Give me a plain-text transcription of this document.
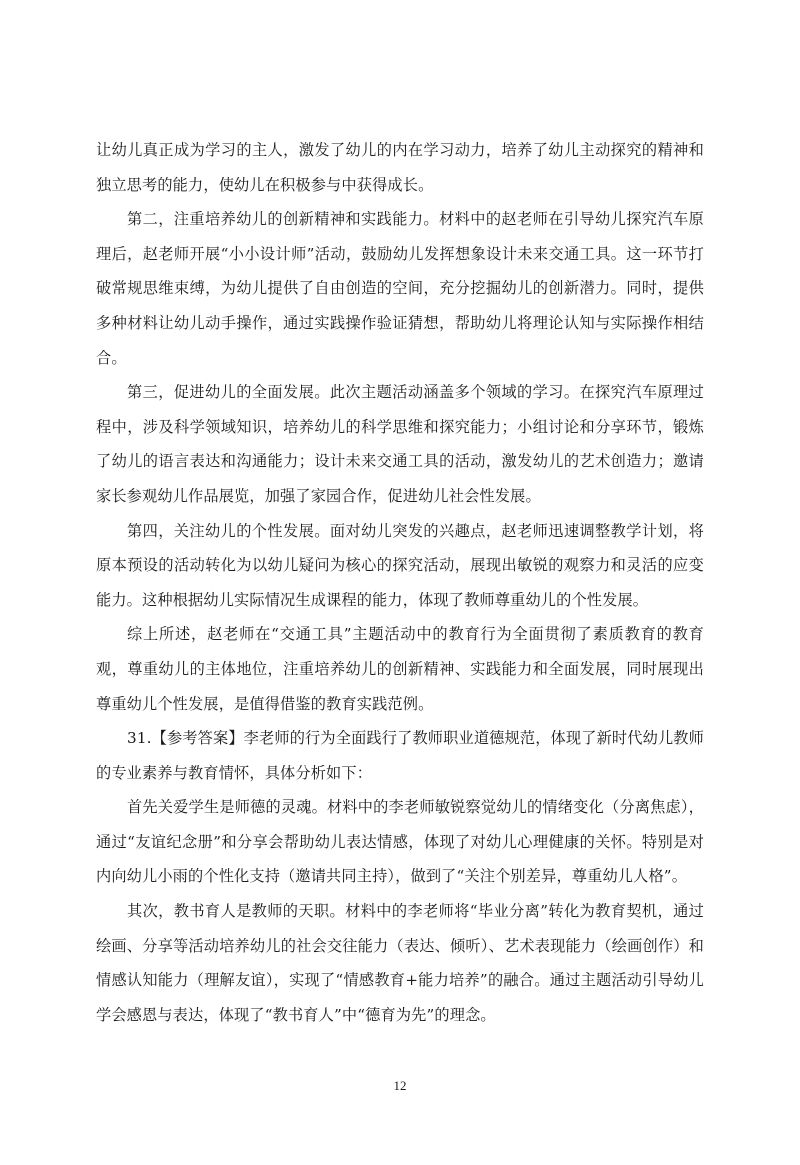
让幼儿真正成为学习的主人，激发了幼儿的内在学习动力，培养了幼儿主动探究的精神和独立思考的能力，使幼儿在积极参与中获得成长。

第二，注重培养幼儿的创新精神和实践能力。材料中的赵老师在引导幼儿探究汽车原理后，赵老师开展“小小设计师”活动，鼓励幼儿发挥想象设计未来交通工具。这一环节打破常规思维束缚，为幼儿提供了自由创造的空间，充分挖掘幼儿的创新潜力。同时，提供多种材料让幼儿动手操作，通过实践操作验证猜想，帮助幼儿将理论认知与实际操作相结合。

第三，促进幼儿的全面发展。此次主题活动涵盖多个领域的学习。在探究汽车原理过程中，涉及科学领域知识，培养幼儿的科学思维和探究能力；小组讨论和分享环节，锻炼了幼儿的语言表达和沟通能力；设计未来交通工具的活动，激发幼儿的艺术创造力；邀请家长参观幼儿作品展览，加强了家园合作，促进幼儿社会性发展。

第四，关注幼儿的个性发展。面对幼儿突发的兴趣点，赵老师迅速调整教学计划，将原本预设的活动转化为以幼儿疑问为核心的探究活动，展现出敏锐的观察力和灵活的应变能力。这种根据幼儿实际情况生成课程的能力，体现了教师尊重幼儿的个性发展。

综上所述，赵老师在“交通工具”主题活动中的教育行为全面贯彻了素质教育的教育观，尊重幼儿的主体地位，注重培养幼儿的创新精神、实践能力和全面发展，同时展现出尊重幼儿个性发展，是值得借鉴的教育实践范例。

31.【参考答案】李老师的行为全面践行了教师职业道德规范，体现了新时代幼儿教师的专业素养与教育情怀，具体分析如下：

首先关爱学生是师德的灵魂。材料中的李老师敏锐察觉幼儿的情绪变化（分离焦虑），通过“友谊纪念册”和分享会帮助幼儿表达情感，体现了对幼儿心理健康的关怀。特别是对内向幼儿小雨的个性化支持（邀请共同主持），做到了“关注个别差异，尊重幼儿人格”。

其次，教书育人是教师的天职。材料中的李老师将“毕业分离”转化为教育契机，通过绘画、分享等活动培养幼儿的社会交往能力（表达、倾听）、艺术表现能力（绘画创作）和情感认知能力（理解友谊），实现了“情感教育+能力培养”的融合。通过主题活动引导幼儿学会感恩与表达，体现了“教书育人”中“德育为先”的理念。

12
